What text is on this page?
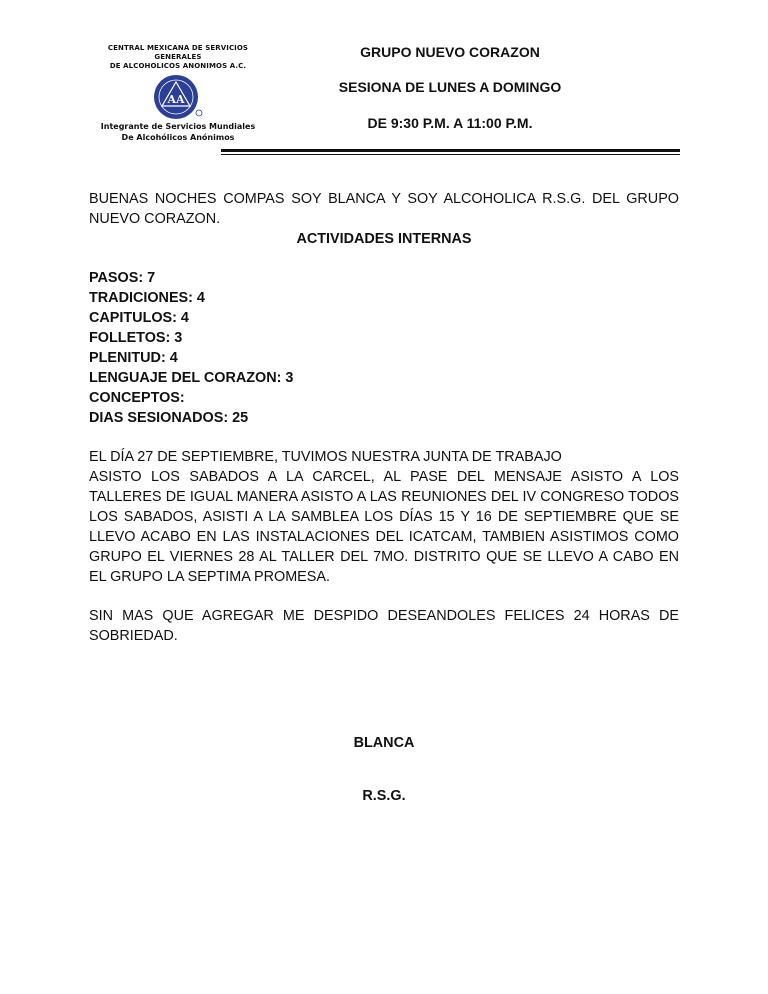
CENTRAL MEXICANA DE SERVICIOS GENERALES
DE ALCOHOLICOS ANONIMOS A.C.
AA
Integrante de Servicios Mundiales
De Alcohólicos Anónimos
GRUPO NUEVO CORAZON
SESIONA DE LUNES A DOMINGO
DE 9:30 P.M. A 11:00 P.M.
BUENAS NOCHES COMPAS SOY BLANCA Y SOY ALCOHOLICA R.S.G. DEL GRUPO NUEVO CORAZON.
ACTIVIDADES INTERNAS
PASOS: 7
TRADICIONES: 4
CAPITULOS: 4
FOLLETOS: 3
PLENITUD: 4
LENGUAJE DEL CORAZON: 3
CONCEPTOS:
DIAS SESIONADOS: 25
EL DÍA 27 DE SEPTIEMBRE, TUVIMOS NUESTRA JUNTA DE TRABAJO
ASISTO LOS SABADOS A LA CARCEL, AL PASE DEL MENSAJE ASISTO A LOS TALLERES DE IGUAL MANERA ASISTO A LAS REUNIONES DEL IV CONGRESO TODOS LOS SABADOS, ASISTI A LA SAMBLEA LOS DÍAS 15 Y 16 DE SEPTIEMBRE QUE SE LLEVO ACABO EN LAS INSTALACIONES DEL ICATCAM, TAMBIEN ASISTIMOS COMO GRUPO EL VIERNES 28 AL TALLER DEL 7MO. DISTRITO QUE SE LLEVO A CABO EN EL GRUPO LA SEPTIMA PROMESA.
SIN MAS QUE AGREGAR ME DESPIDO DESEANDOLES FELICES 24 HORAS DE SOBRIEDAD.
BLANCA
R.S.G.
